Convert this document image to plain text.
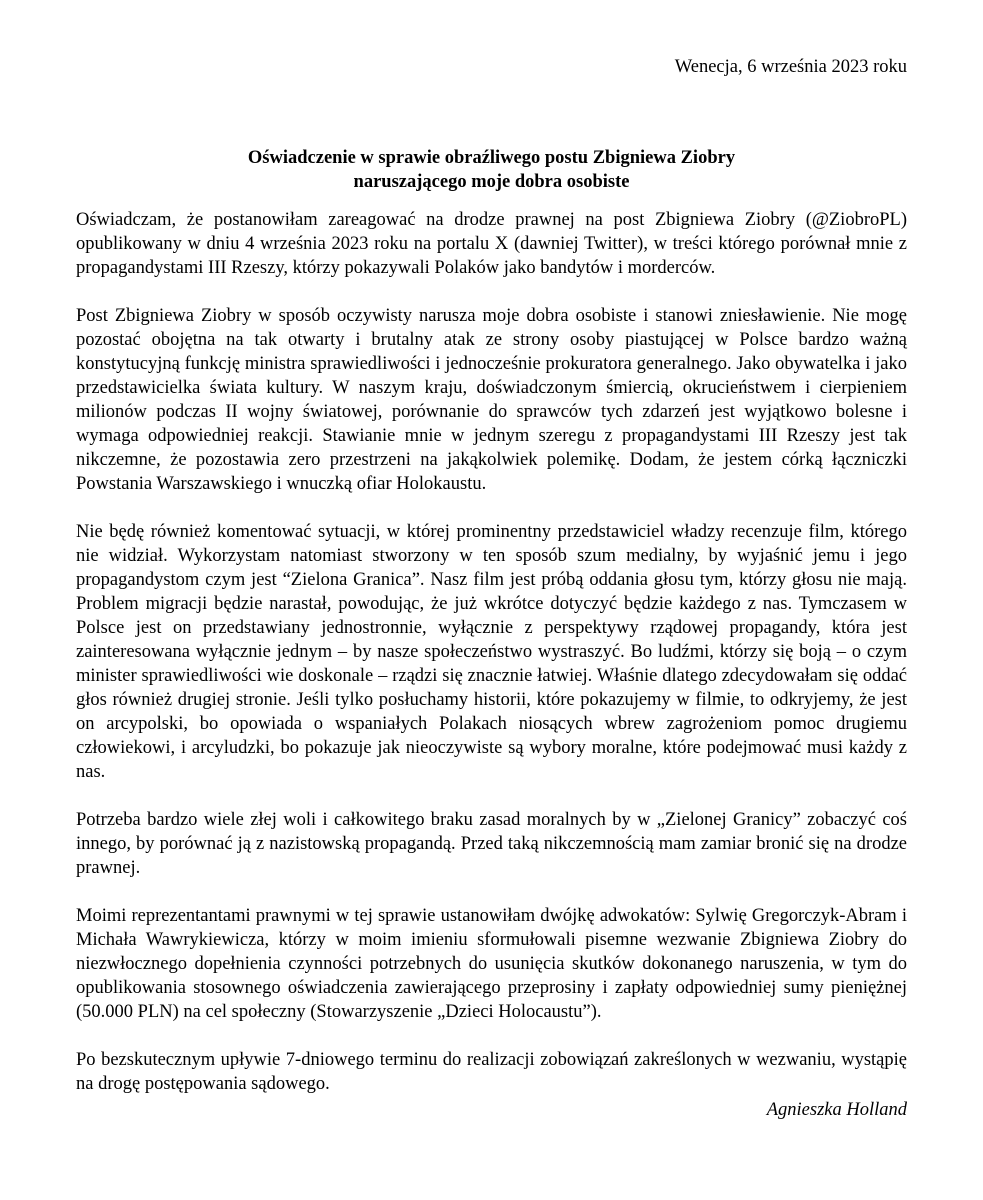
Wenecja, 6 września 2023 roku
Oświadczenie w sprawie obraźliwego postu Zbigniewa Ziobry
naruszającego moje dobra osobiste

Oświadczam, że postanowiłam zareagować na drodze prawnej na post Zbigniewa Ziobry (@ZiobroPL) opublikowany w dniu 4 września 2023 roku na portalu X (dawniej Twitter), w treści którego porównał mnie z propagandystami III Rzeszy, którzy pokazywali Polaków jako bandytów i morderców.

Post Zbigniewa Ziobry w sposób oczywisty narusza moje dobra osobiste i stanowi zniesławienie. Nie mogę pozostać obojętna na tak otwarty i brutalny atak ze strony osoby piastującej w Polsce bardzo ważną konstytucyjną funkcję ministra sprawiedliwości i jednocześnie prokuratora generalnego. Jako obywatelka i jako przedstawicielka świata kultury. W naszym kraju, doświadczonym śmiercią, okrucieństwem i cierpieniem milionów podczas II wojny światowej, porównanie do sprawców tych zdarzeń jest wyjątkowo bolesne i wymaga odpowiedniej reakcji. Stawianie mnie w jednym szeregu z propagandystami III Rzeszy jest tak nikczemne, że pozostawia zero przestrzeni na jakąkolwiek polemikę. Dodam, że jestem córką łączniczki Powstania Warszawskiego i wnuczką ofiar Holokaustu.

Nie będę również komentować sytuacji, w której prominentny przedstawiciel władzy recenzuje film, którego nie widział. Wykorzystam natomiast stworzony w ten sposób szum medialny, by wyjaśnić jemu i jego propagandystom czym jest “Zielona Granica”. Nasz film jest próbą oddania głosu tym, którzy głosu nie mają. Problem migracji będzie narastał, powodując, że już wkrótce dotyczyć będzie każdego z nas. Tymczasem w Polsce jest on przedstawiany jednostronnie, wyłącznie z perspektywy rządowej propagandy, która jest zainteresowana wyłącznie jednym – by nasze społeczeństwo wystraszyć. Bo ludźmi, którzy się boją – o czym minister sprawiedliwości wie doskonale – rządzi się znacznie łatwiej. Właśnie dlatego zdecydowałam się oddać głos również drugiej stronie. Jeśli tylko posłuchamy historii, które pokazujemy w filmie, to odkryjemy, że jest on arcypolski, bo opowiada o wspaniałych Polakach niosących wbrew zagrożeniom pomoc drugiemu człowiekowi, i arcyludzki, bo pokazuje jak nieoczywiste są wybory moralne, które podejmować musi każdy z nas.

Potrzeba bardzo wiele złej woli i całkowitego braku zasad moralnych by w „Zielonej Granicy” zobaczyć coś innego, by porównać ją z nazistowską propagandą. Przed taką nikczemnością mam zamiar bronić się na drodze prawnej.

Moimi reprezentantami prawnymi w tej sprawie ustanowiłam dwójkę adwokatów: Sylwię Gregorczyk-Abram i Michała Wawrykiewicza, którzy w moim imieniu sformułowali pisemne wezwanie Zbigniewa Ziobry do niezwłocznego dopełnienia czynności potrzebnych do usunięcia skutków dokonanego naruszenia, w tym do opublikowania stosownego oświadczenia zawierającego przeprosiny i zapłaty odpowiedniej sumy pieniężnej (50.000 PLN) na cel społeczny (Stowarzyszenie „Dzieci Holocaustu”).

Po bezskutecznym upływie 7-dniowego terminu do realizacji zobowiązań zakreślonych w wezwaniu, wystąpię na drogę postępowania sądowego.

Agnieszka Holland
